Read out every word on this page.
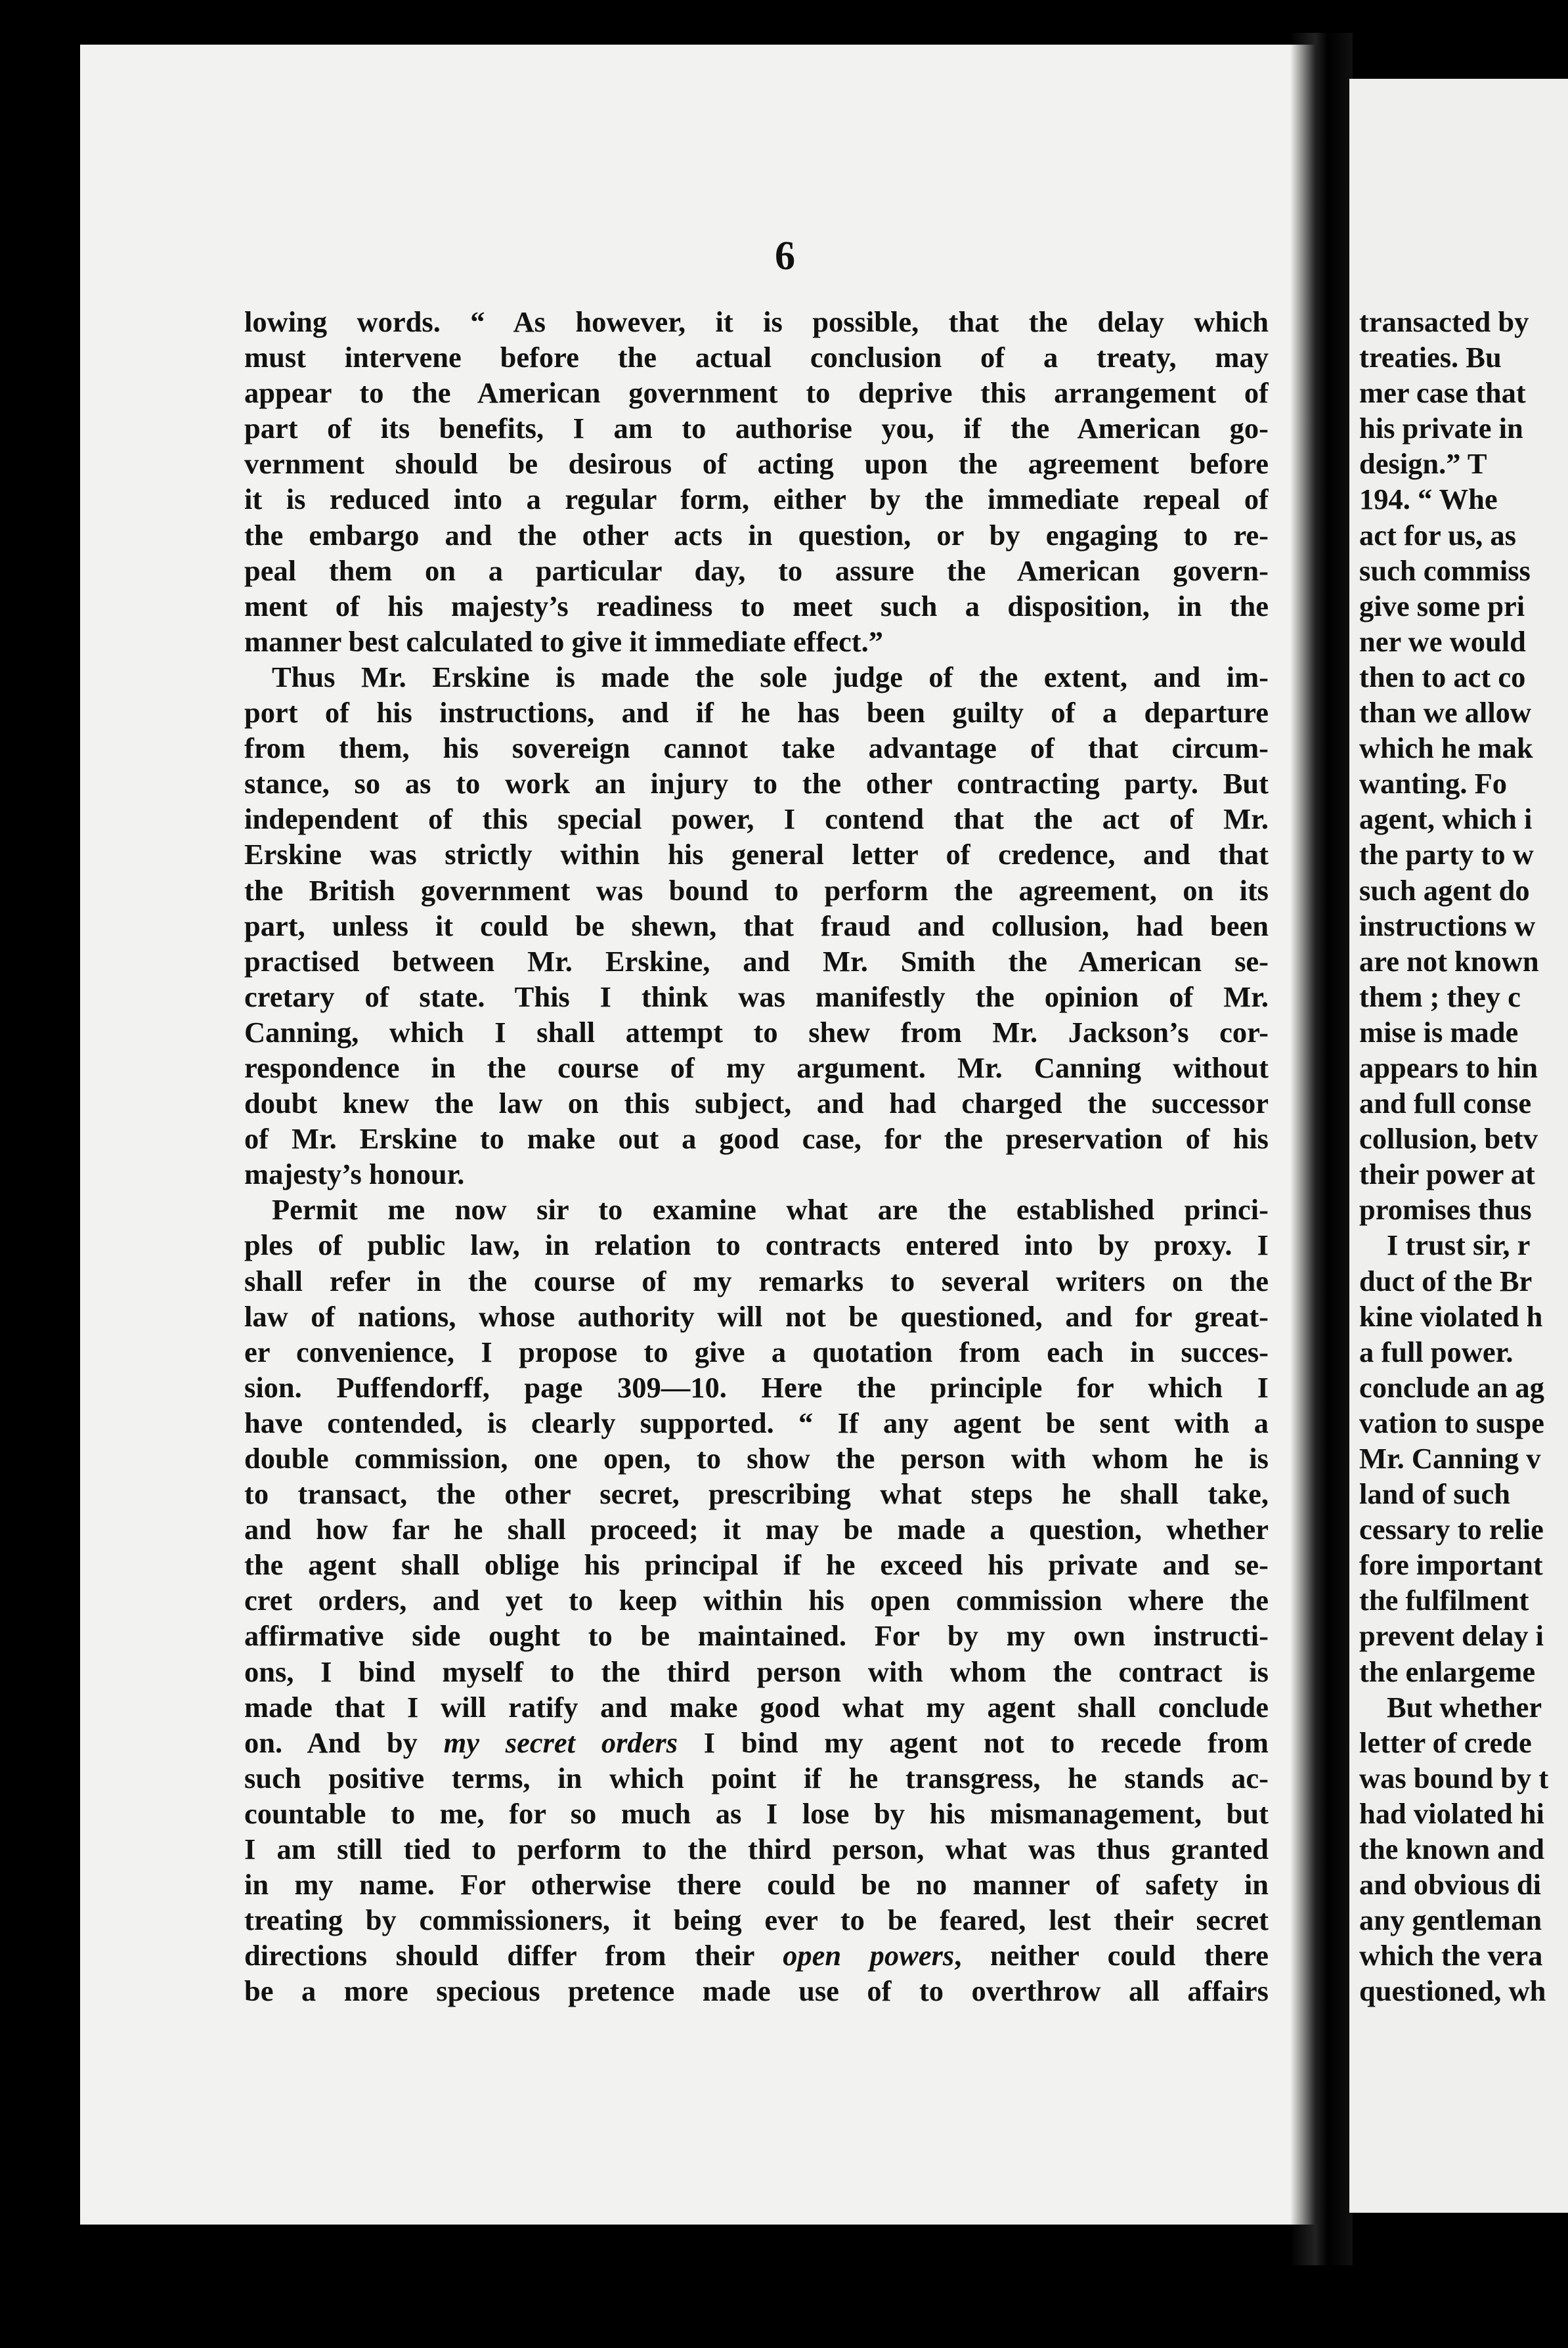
6
lowing words. “ As however, it is possible, that the delay which
must intervene before the actual conclusion of a treaty, may
appear to the American government to deprive this arrangement of
part of its benefits, I am to authorise you, if the American go-
vernment should be desirous of acting upon the agreement before
it is reduced into a regular form, either by the immediate repeal of
the embargo and the other acts in question, or by engaging to re-
peal them on a particular day, to assure the American govern-
ment of his majesty’s readiness to meet such a disposition, in the
manner best calculated to give it immediate effect.”
Thus Mr. Erskine is made the sole judge of the extent, and im-
port of his instructions, and if he has been guilty of a departure
from them, his sovereign cannot take advantage of that circum-
stance, so as to work an injury to the other contracting party. But
independent of this special power, I contend that the act of Mr.
Erskine was strictly within his general letter of credence, and that
the British government was bound to perform the agreement, on its
part, unless it could be shewn, that fraud and collusion, had been
practised between Mr. Erskine, and Mr. Smith the American se-
cretary of state. This I think was manifestly the opinion of Mr.
Canning, which I shall attempt to shew from Mr. Jackson’s cor-
respondence in the course of my argument. Mr. Canning without
doubt knew the law on this subject, and had charged the successor
of Mr. Erskine to make out a good case, for the preservation of his
majesty’s honour.
Permit me now sir to examine what are the established princi-
ples of public law, in relation to contracts entered into by proxy. I
shall refer in the course of my remarks to several writers on the
law of nations, whose authority will not be questioned, and for great-
er convenience, I propose to give a quotation from each in succes-
sion. Puffendorff, page 309—10. Here the principle for which I
have contended, is clearly supported. “ If any agent be sent with a
double commission, one open, to show the person with whom he is
to transact, the other secret, prescribing what steps he shall take,
and how far he shall proceed; it may be made a question, whether
the agent shall oblige his principal if he exceed his private and se-
cret orders, and yet to keep within his open commission where the
affirmative side ought to be maintained. For by my own instructi-
ons, I bind myself to the third person with whom the contract is
made that I will ratify and make good what my agent shall conclude
on. And by my secret orders I bind my agent not to recede from
such positive terms, in which point if he transgress, he stands ac-
countable to me, for so much as I lose by his mismanagement, but
I am still tied to perform to the third person, what was thus granted
in my name. For otherwise there could be no manner of safety in
treating by commissioners, it being ever to be feared, lest their secret
directions should differ from their open powers, neither could there
be a more specious pretence made use of to overthrow all affairs
transacted by
treaties. Bu
mer case that
his private in
design.” T
194. “ Whe
act for us, as
such commiss
give some pri
ner we would
then to act co
than we allow
which he mak
wanting. Fo
agent, which i
the party to w
such agent do
instructions w
are not known
them ; they c
mise is made
appears to hin
and full conse
collusion, betv
their power at
promises thus
I trust sir, r
duct of the Br
kine violated h
a full power.
conclude an ag
vation to suspe
Mr. Canning v
land of such
cessary to relie
fore important
the fulfilment
prevent delay i
the enlargeme
But whether
letter of crede
was bound by t
had violated hi
the known and
and obvious di
any gentleman
which the vera
questioned, wh
